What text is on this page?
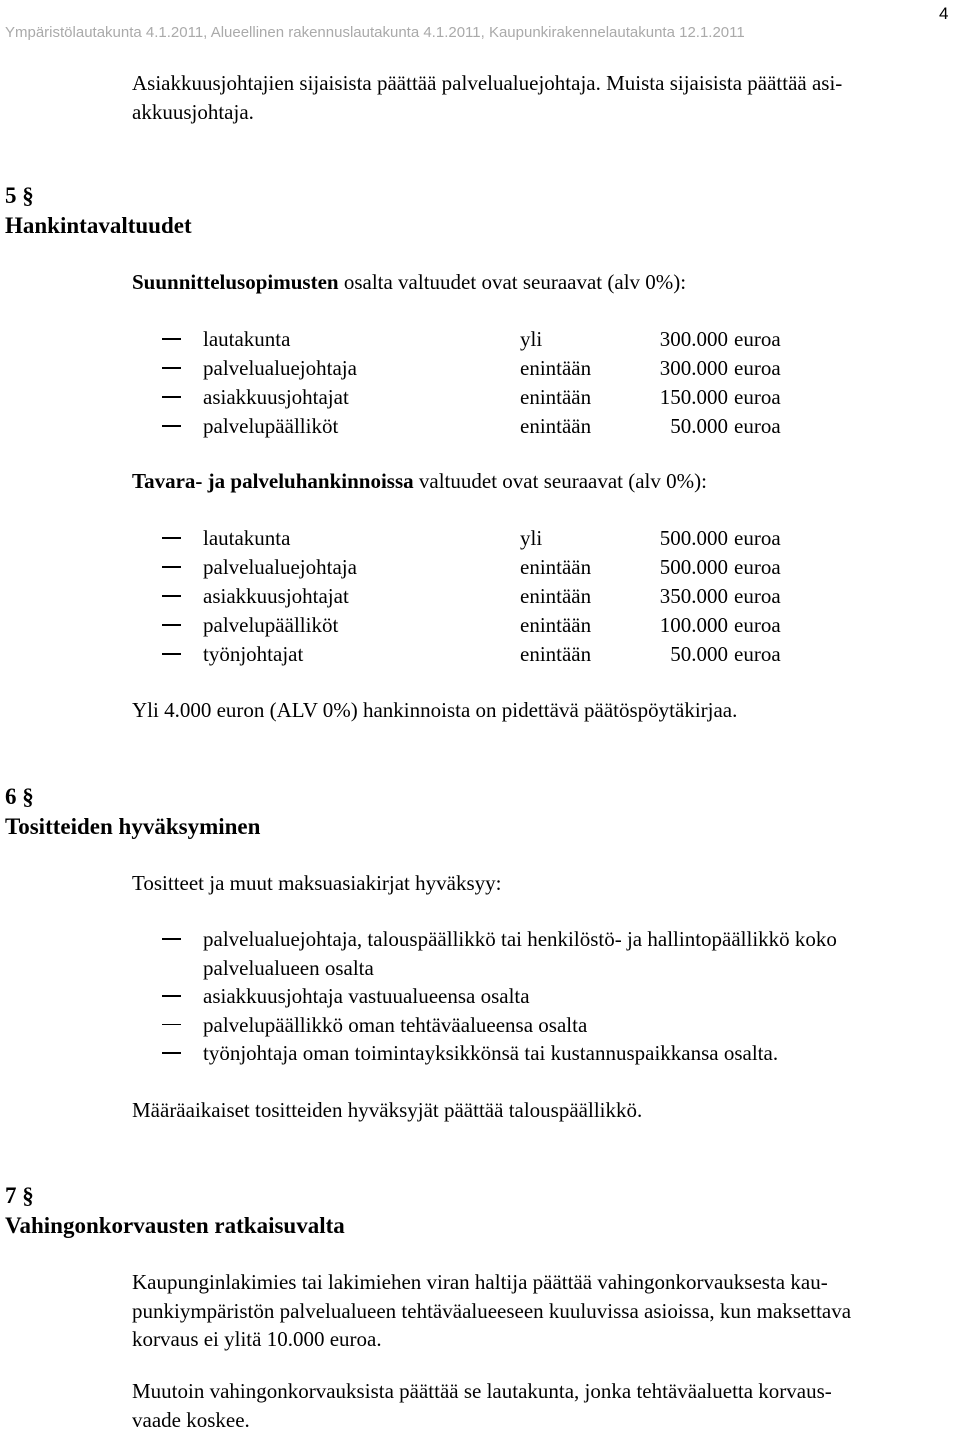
Ympäristölautakunta 4.1.2011, Alueellinen rakennuslautakunta 4.1.2011, Kaupunkirakennelautakunta 12.1.2011
4
Asiakkuusjohtajien sijaisista päättää palvelualuejohtaja. Muista sijaisista päättää asi-
akkuusjohtaja.
5 §
Hankintavaltuudet
Suunnittelusopimusten osalta valtuudet ovat seuraavat (alv 0%):
lautakunta	yli	300.000 euroa
palvelualuejohtaja	enintään	300.000 euroa
asiakkuusjohtajat	enintään	150.000 euroa
palvelupäälliköt	enintään	50.000 euroa
Tavara- ja palveluhankinnoissa valtuudet ovat seuraavat (alv 0%):
lautakunta	yli	500.000 euroa
palvelualuejohtaja	enintään	500.000 euroa
asiakkuusjohtajat	enintään	350.000 euroa
palvelupäälliköt	enintään	100.000 euroa
työnjohtajat	enintään	50.000 euroa
Yli 4.000 euron (ALV 0%) hankinnoista on pidettävä päätöspöytäkirjaa.
6 §
Tositteiden hyväksyminen
Tositteet ja muut maksuasiakirjat hyväksyy:
palvelualuejohtaja, talouspäällikkö tai henkilöstö- ja hallintopäällikkö koko
palvelualueen osalta
asiakkuusjohtaja vastuualueensa osalta
palvelupäällikkö oman tehtäväalueensa osalta
työnjohtaja oman toimintayksikkönsä tai kustannuspaikkansa osalta.
Määräaikaiset tositteiden hyväksyjät päättää talouspäällikkö.
7 §
Vahingonkorvausten ratkaisuvalta
Kaupunginlakimies tai lakimiehen viran haltija päättää vahingonkorvauksesta kau-
punkiympäristön palvelualueen tehtäväalueeseen kuuluvissa asioissa, kun maksettava
korvaus ei ylitä 10.000 euroa.
Muutoin vahingonkorvauksista päättää se lautakunta, jonka tehtäväaluetta korvaus-
vaade koskee.
